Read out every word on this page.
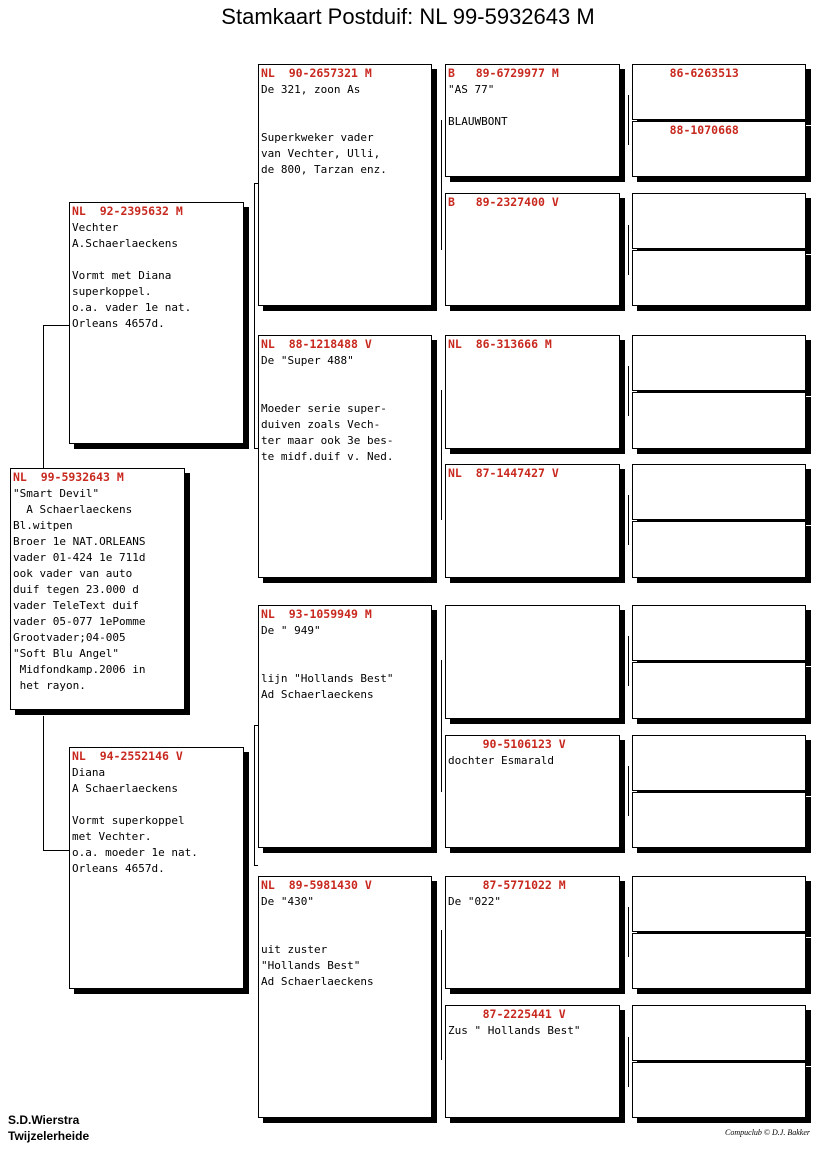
Stamkaart Postduif: NL 99-5932643 M
NL  99-5932643 M
"Smart Devil"
A Schaerlaeckens
Bl.witpen
Broer 1e NAT.ORLEANS
vader 01-424 1e 711d
ook vader van auto
duif tegen 23.000 d
vader TeleText duif
vader 05-077 1ePomme
Grootvader;04-005
"Soft Blu Angel"
Midfondkamp.2006 in
het rayon.
NL  92-2395632 M
Vechter
A.Schaerlaeckens

Vormt met Diana
superkoppel.
o.a. vader 1e nat.
Orleans 4657d.
NL  94-2552146 V
Diana
A Schaerlaeckens

Vormt superkoppel
met Vechter.
o.a. moeder 1e nat.
Orleans 4657d.
NL  90-2657321 M
De 321, zoon As

Superkweker vader
van Vechter, Ulli,
de 800, Tarzan enz.
NL  88-1218488 V
De "Super 488"

Moeder serie super-
duiven zoals Vech-
ter maar ook 3e bes-
te midf.duif v. Ned.
NL  93-1059949 M
De " 949"

lijn "Hollands Best"
Ad Schaerlaeckens
NL  89-5981430 V
De "430"

uit zuster
"Hollands Best"
Ad Schaerlaeckens
B   89-6729977 M
"AS 77"

BLAUWBONT
B   89-2327400 V
NL  86-313666 M
NL  87-1447427 V
90-5106123 V
dochter Esmarald
87-5771022 M
De "022"
87-2225441 V
Zus " Hollands Best"
86-6263513
88-1070668
S.D.Wierstra
Twijzelerheide	Compuclub © D.J. Bakker
